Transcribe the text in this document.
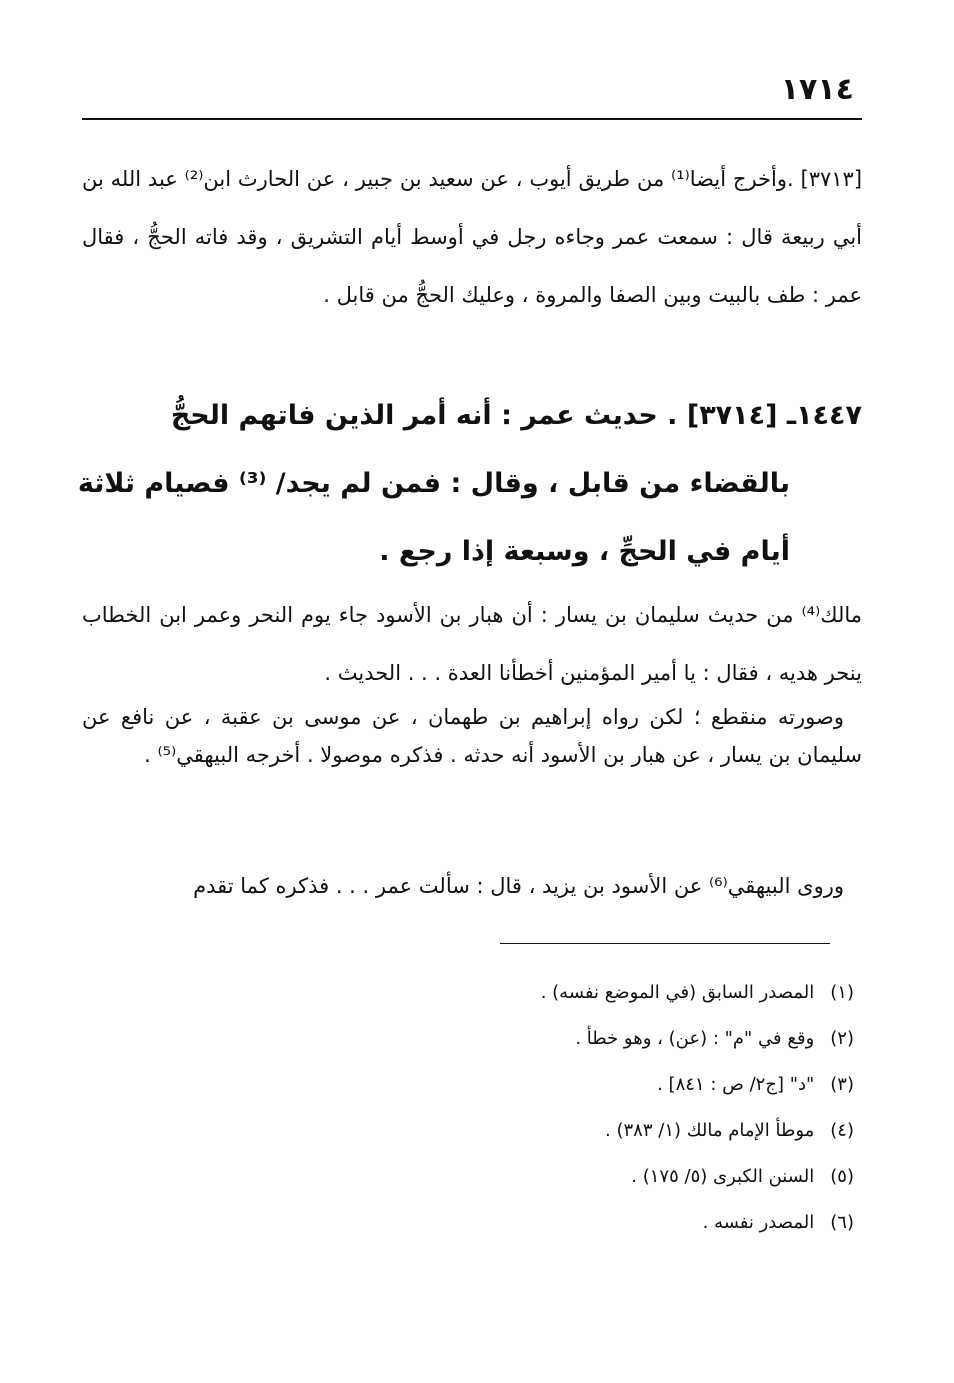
١٧١٤

[٣٧١٣] .وأخرج أيضا⁽¹⁾ من طريق أيوب ، عن سعيد بن جبير ، عن الحارث ابن⁽²⁾ عبد الله بن أبي ربيعة قال : سمعت عمر وجاءه رجل في أوسط أيام التشريق ، وقد فاته الحجُّ ، فقال عمر : طف بالبيت وبين الصفا والمروة ، وعليك الحجُّ من قابل .

١٤٤٧ـ [٣٧١٤] . حديث عمر : أنه أمر الذين فاتهم الحجُّ
بالقضاء من قابل ، وقال : فمن لم يجد/ ⁽³⁾ فصيام ثلاثة
أيام في الحجِّ ، وسبعة إذا رجع .

مالك⁽⁴⁾ من حديث سليمان بن يسار : أن هبار بن الأسود جاء يوم النحر وعمر ابن الخطاب ينحر هديه ، فقال : يا أمير المؤمنين أخطأنا العدة . . . الحديث .

وصورته منقطع ؛ لكن رواه إبراهيم بن طهمان ، عن موسى بن عقبة ، عن نافع عن سليمان بن يسار ، عن هبار بن الأسود أنه حدثه . فذكره موصولا . أخرجه البيهقي⁽⁵⁾ .

وروى البيهقي⁽⁶⁾ عن الأسود بن يزيد ، قال : سألت عمر . . . فذكره كما تقدم

(١) المصدر السابق (في الموضع نفسه) .
(٢) وقع في "م" : (عن) ، وهو خطأ .
(٣) "د" [ج٢/ ص : ٨٤١] .
(٤) موطأ الإمام مالك (١/ ٣٨٣) .
(٥) السنن الكبرى (٥/ ١٧٥) .
(٦) المصدر نفسه .
